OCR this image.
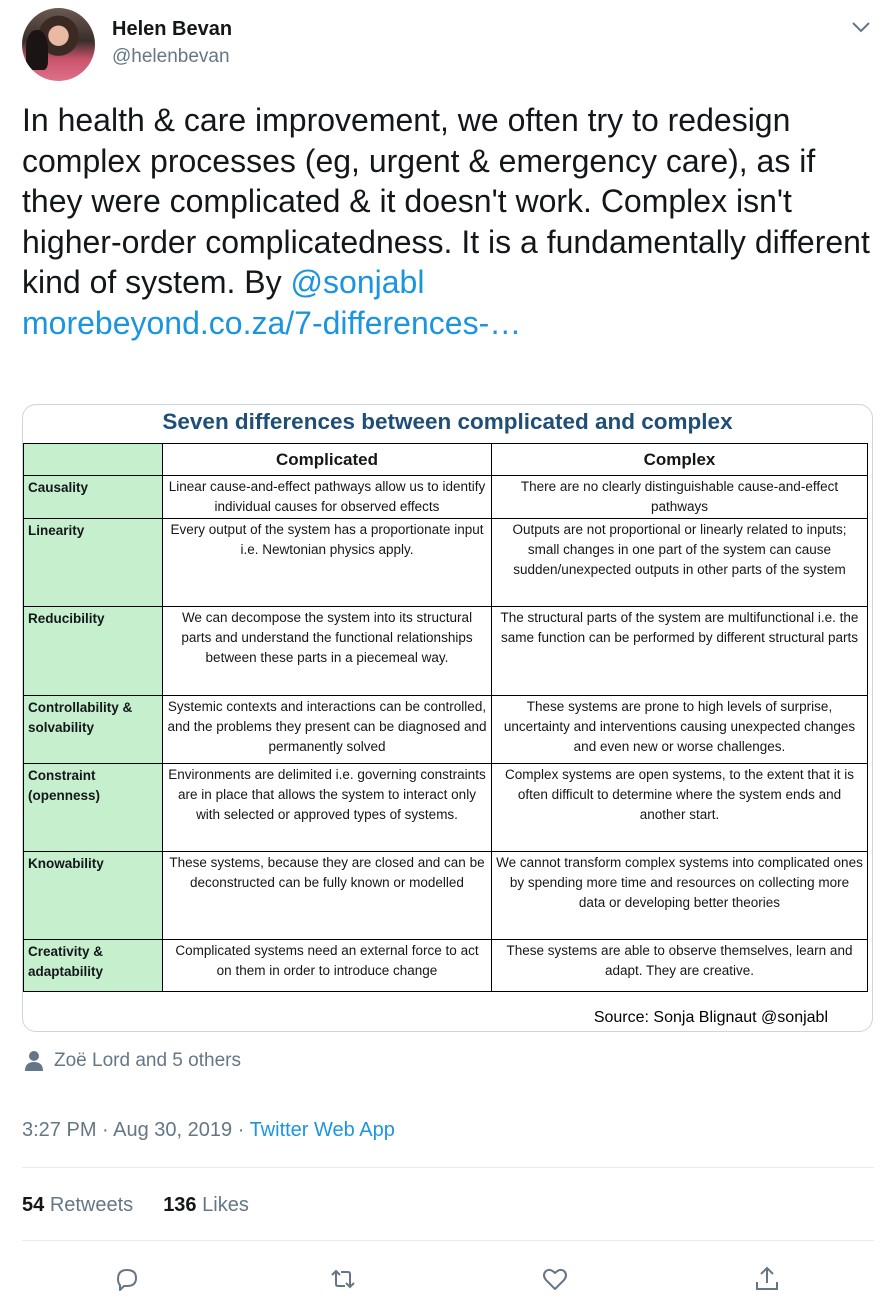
Helen Bevan
@helenbevan
In health & care improvement, we often try to redesign complex processes (eg, urgent & emergency care), as if they were complicated & it doesn't work. Complex isn't higher-order complicatedness. It is a fundamentally different kind of system. By @sonjabl
morebeyond.co.za/7-differences-…
Seven differences between complicated and complex
	Complicated	Complex
Causality	Linear cause-and-effect pathways allow us to identify individual causes for observed effects	There are no clearly distinguishable cause-and-effect pathways
Linearity	Every output of the system has a proportionate input i.e. Newtonian physics apply.	Outputs are not proportional or linearly related to inputs; small changes in one part of the system can cause sudden/unexpected outputs in other parts of the system
Reducibility	We can decompose the system into its structural parts and understand the functional relationships between these parts in a piecemeal way.	The structural parts of the system are multifunctional i.e. the same function can be performed by different structural parts
Controllability & solvability	Systemic contexts and interactions can be controlled, and the problems they present can be diagnosed and permanently solved	These systems are prone to high levels of surprise, uncertainty and interventions causing unexpected changes and even new or worse challenges.
Constraint (openness)	Environments are delimited i.e. governing constraints are in place that allows the system to interact only with selected or approved types of systems.	Complex systems are open systems, to the extent that it is often difficult to determine where the system ends and another start.
Knowability	These systems, because they are closed and can be deconstructed can be fully known or modelled	We cannot transform complex systems into complicated ones by spending more time and resources on collecting more data or developing better theories
Creativity & adaptability	Complicated systems need an external force to act on them in order to introduce change	These systems are able to observe themselves, learn and adapt. They are creative.
Source: Sonja Blignaut @sonjabl
Zoë Lord and 5 others
3:27 PM · Aug 30, 2019 · Twitter Web App
54 Retweets 136 Likes
